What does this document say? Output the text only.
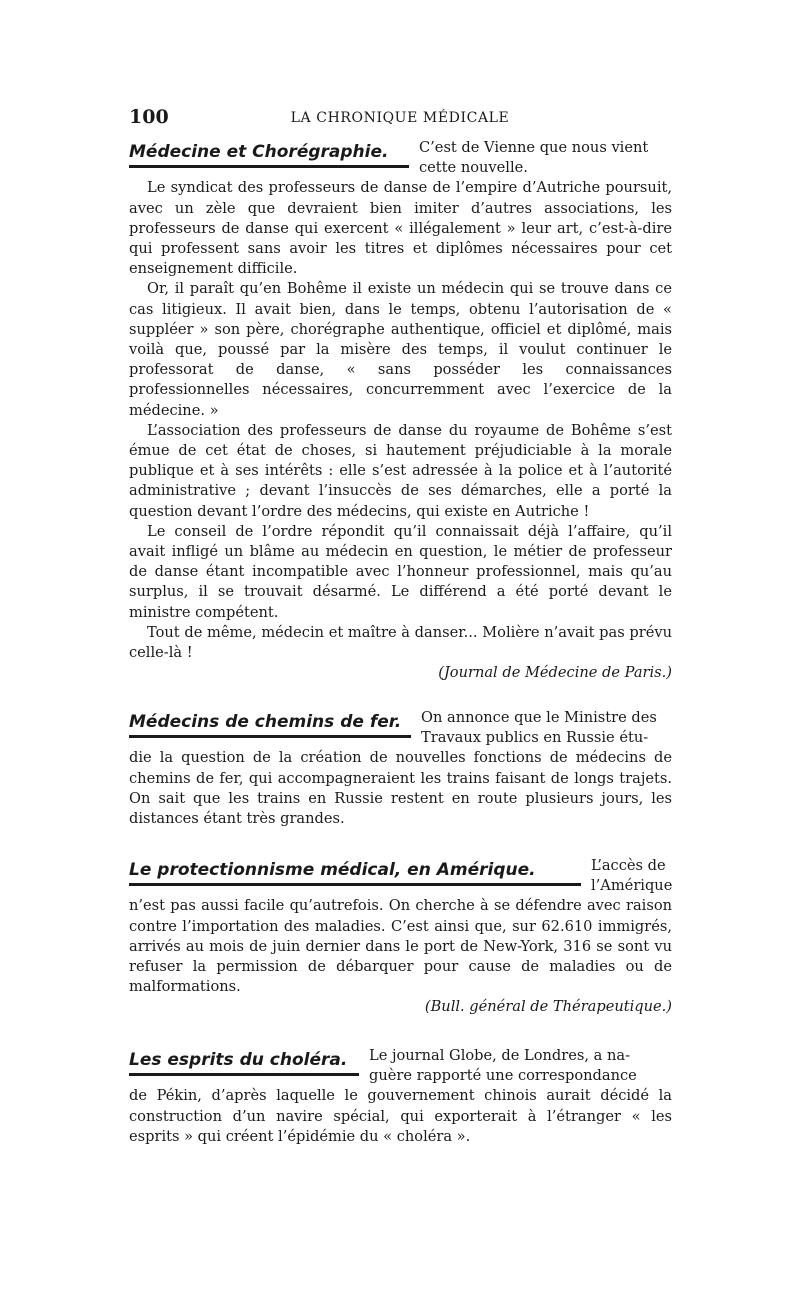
100	LA CHRONIQUE MÉDICALE
Médecine et Chorégraphie.	C’est de Vienne que nous vient
cette nouvelle.

Le syndicat des professeurs de danse de l’empire d’Autriche poursuit, avec un zèle que devraient bien imiter d’autres associations, les professeurs de danse qui exercent « illégalement » leur art, c’est-à-dire qui professent sans avoir les titres et diplômes nécessaires pour cet enseignement difficile.

Or, il paraît qu’en Bohême il existe un médecin qui se trouve dans ce cas litigieux. Il avait bien, dans le temps, obtenu l’autorisation de « suppléer » son père, chorégraphe authentique, officiel et diplômé, mais voilà que, poussé par la misère des temps, il voulut continuer le professorat de danse, « sans posséder les connaissances professionnelles nécessaires, concurremment avec l’exercice de la médecine. »

L’association des professeurs de danse du royaume de Bohême s’est émue de cet état de choses, si hautement préjudiciable à la morale publique et à ses intérêts : elle s’est adressée à la police et à l’autorité administrative ; devant l’insuccès de ses démarches, elle a porté la question devant l’ordre des médecins, qui existe en Autriche !

Le conseil de l’ordre répondit qu’il connaissait déjà l’affaire, qu’il avait infligé un blâme au médecin en question, le métier de professeur de danse étant incompatible avec l’honneur professionnel, mais qu’au surplus, il se trouvait désarmé. Le différend a été porté devant le ministre compétent.

Tout de même, médecin et maître à danser... Molière n’avait pas prévu celle-là !

(Journal de Médecine de Paris.)

Médecins de chemins de fer.	On annonce que le Ministre des
Travaux publics en Russie étu-

die la question de la création de nouvelles fonctions de médecins de chemins de fer, qui accompagneraient les trains faisant de longs trajets. On sait que les trains en Russie restent en route plusieurs jours, les distances étant très grandes.

Le protectionnisme médical, en Amérique.	L’accès de
l’Amérique

n’est pas aussi facile qu’autrefois. On cherche à se défendre avec raison contre l’importation des maladies. C’est ainsi que, sur 62.610 immigrés, arrivés au mois de juin dernier dans le port de New-York, 316 se sont vu refuser la permission de débarquer pour cause de maladies ou de malformations.

(Bull. général de Thérapeutique.)

Les esprits du choléra.	Le journal Globe, de Londres, a na-
guère rapporté une correspondance

de Pékin, d’après laquelle le gouvernement chinois aurait décidé la construction d’un navire spécial, qui exporterait à l’étranger « les esprits » qui créent l’épidémie du « choléra ».
